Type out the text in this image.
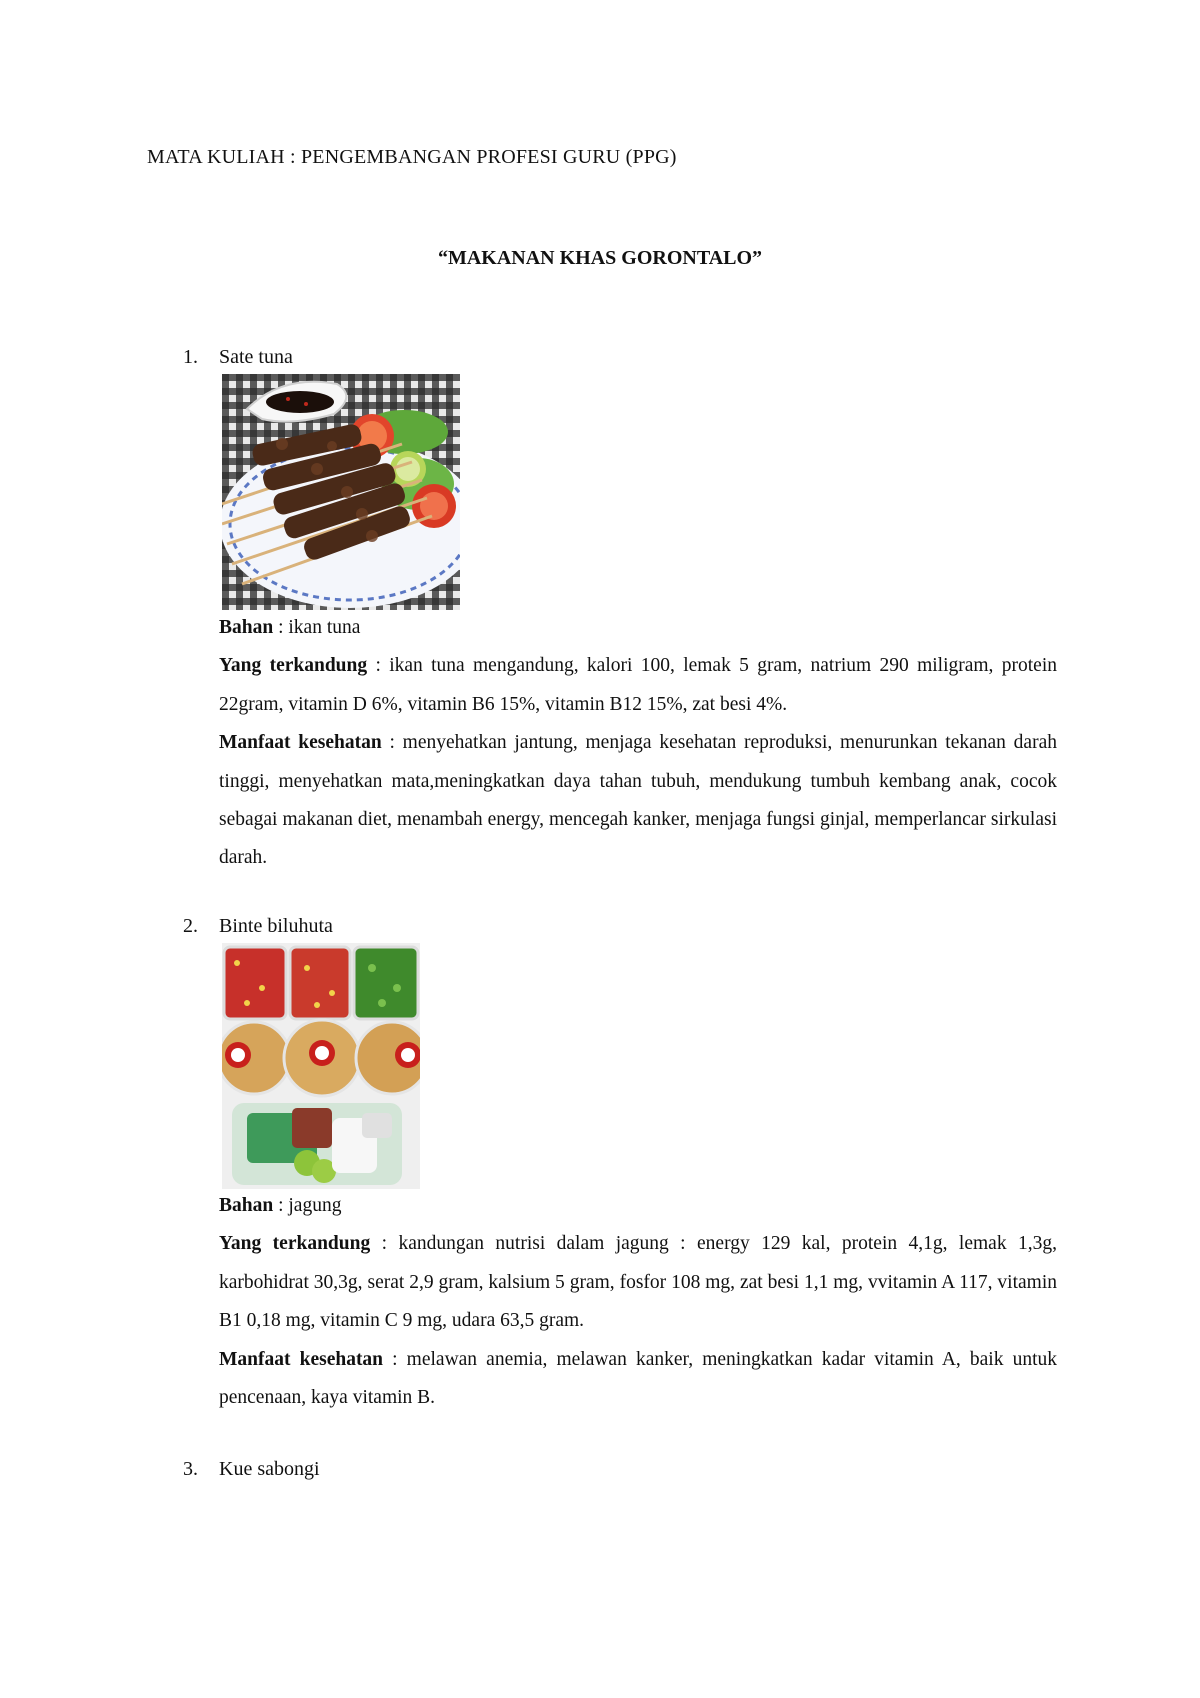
MATA KULIAH : PENGEMBANGAN PROFESI GURU (PPG)
“MAKANAN KHAS GORONTALO”
1. Sate tuna

Bahan : ikan tuna

Yang terkandung : ikan tuna mengandung, kalori 100, lemak 5 gram, natrium 290 miligram, protein 22gram, vitamin D 6%, vitamin B6 15%, vitamin B12 15%, zat besi 4%.

Manfaat kesehatan : menyehatkan jantung, menjaga kesehatan reproduksi, menurunkan tekanan darah tinggi, menyehatkan mata,meningkatkan daya tahan tubuh, mendukung tumbuh kembang anak, cocok sebagai makanan diet, menambah energy, mencegah kanker, menjaga fungsi ginjal, memperlancar sirkulasi darah.

2. Binte biluhuta

Bahan : jagung

Yang terkandung : kandungan nutrisi dalam jagung : energy 129 kal, protein 4,1g, lemak 1,3g, karbohidrat 30,3g, serat 2,9 gram, kalsium 5 gram, fosfor 108 mg, zat besi 1,1 mg, vvitamin A 117, vitamin B1 0,18 mg, vitamin C 9 mg, udara 63,5 gram.

Manfaat kesehatan : melawan anemia, melawan kanker, meningkatkan kadar vitamin A, baik untuk pencenaan, kaya vitamin B.

3. Kue sabongi
